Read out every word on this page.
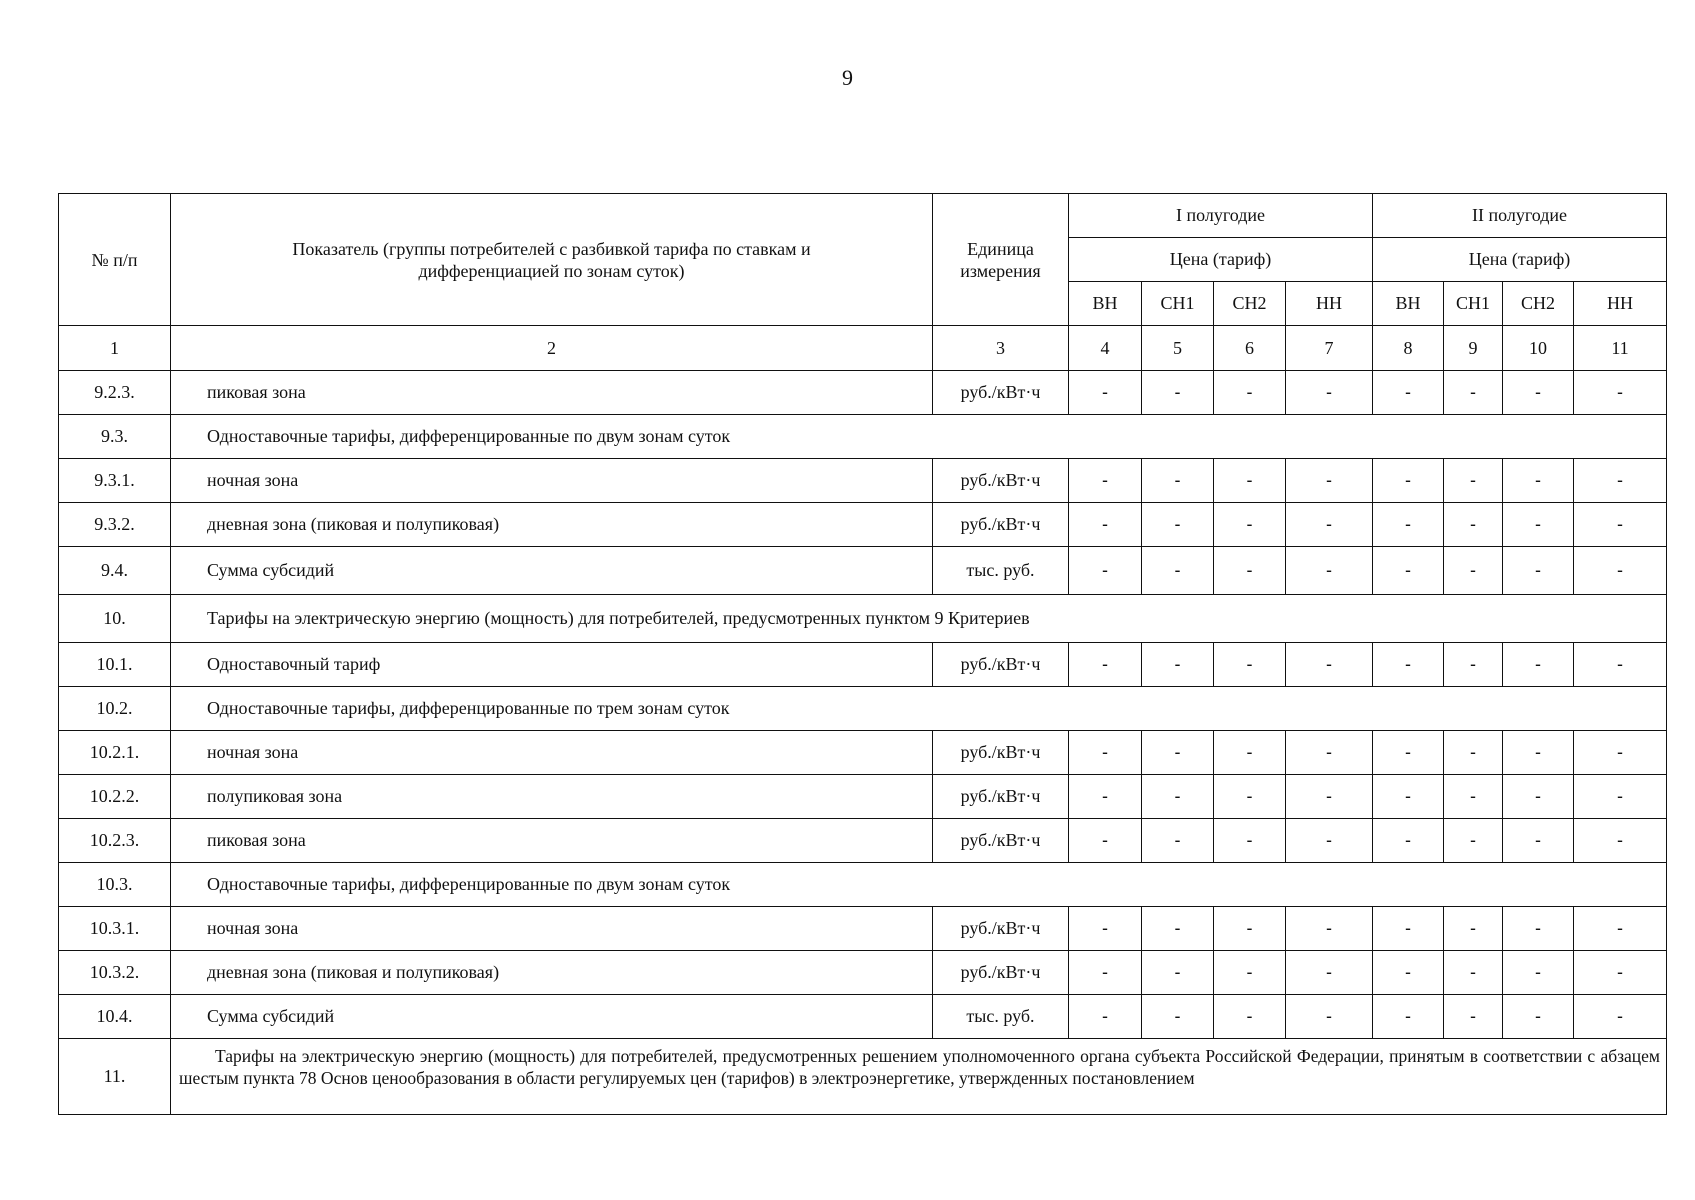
9
№ п/п	Показатель (группы потребителей с разбивкой тарифа по ставкам и дифференциацией по зонам суток)	Единица измерения	I полугодие				II полугодие			
			Цена (тариф)				Цена (тариф)			
			ВН	СН1	СН2	НН	ВН	СН1	СН2	НН
1	2	3	4	5	6	7	8	9	10	11
9.2.3.	пиковая зона	руб./кВт·ч	-	-	-	-	-	-	-	-
9.3.	Одноставочные тарифы, дифференцированные по двум зонам суток									
9.3.1.	ночная зона	руб./кВт·ч	-	-	-	-	-	-	-	-
9.3.2.	дневная зона (пиковая и полупиковая)	руб./кВт·ч	-	-	-	-	-	-	-	-
9.4.	Сумма субсидий	тыс. руб.	-	-	-	-	-	-	-	-
10.	Тарифы на электрическую энергию (мощность) для потребителей, предусмотренных пунктом 9 Критериев									
10.1.	Одноставочный тариф	руб./кВт·ч	-	-	-	-	-	-	-	-
10.2.	Одноставочные тарифы, дифференцированные по трем зонам суток									
10.2.1.	ночная зона	руб./кВт·ч	-	-	-	-	-	-	-	-
10.2.2.	полупиковая зона	руб./кВт·ч	-	-	-	-	-	-	-	-
10.2.3.	пиковая зона	руб./кВт·ч	-	-	-	-	-	-	-	-
10.3.	Одноставочные тарифы, дифференцированные по двум зонам суток									
10.3.1.	ночная зона	руб./кВт·ч	-	-	-	-	-	-	-	-
10.3.2.	дневная зона (пиковая и полупиковая)	руб./кВт·ч	-	-	-	-	-	-	-	-
10.4.	Сумма субсидий	тыс. руб.	-	-	-	-	-	-	-	-
11.	Тарифы на электрическую энергию (мощность) для потребителей, предусмотренных решением уполномоченного органа субъекта Российской Федерации, принятым в соответствии с абзацем шестым пункта 78 Основ ценообразования в области регулируемых цен (тарифов) в электроэнергетике, утвержденных постановлением									
